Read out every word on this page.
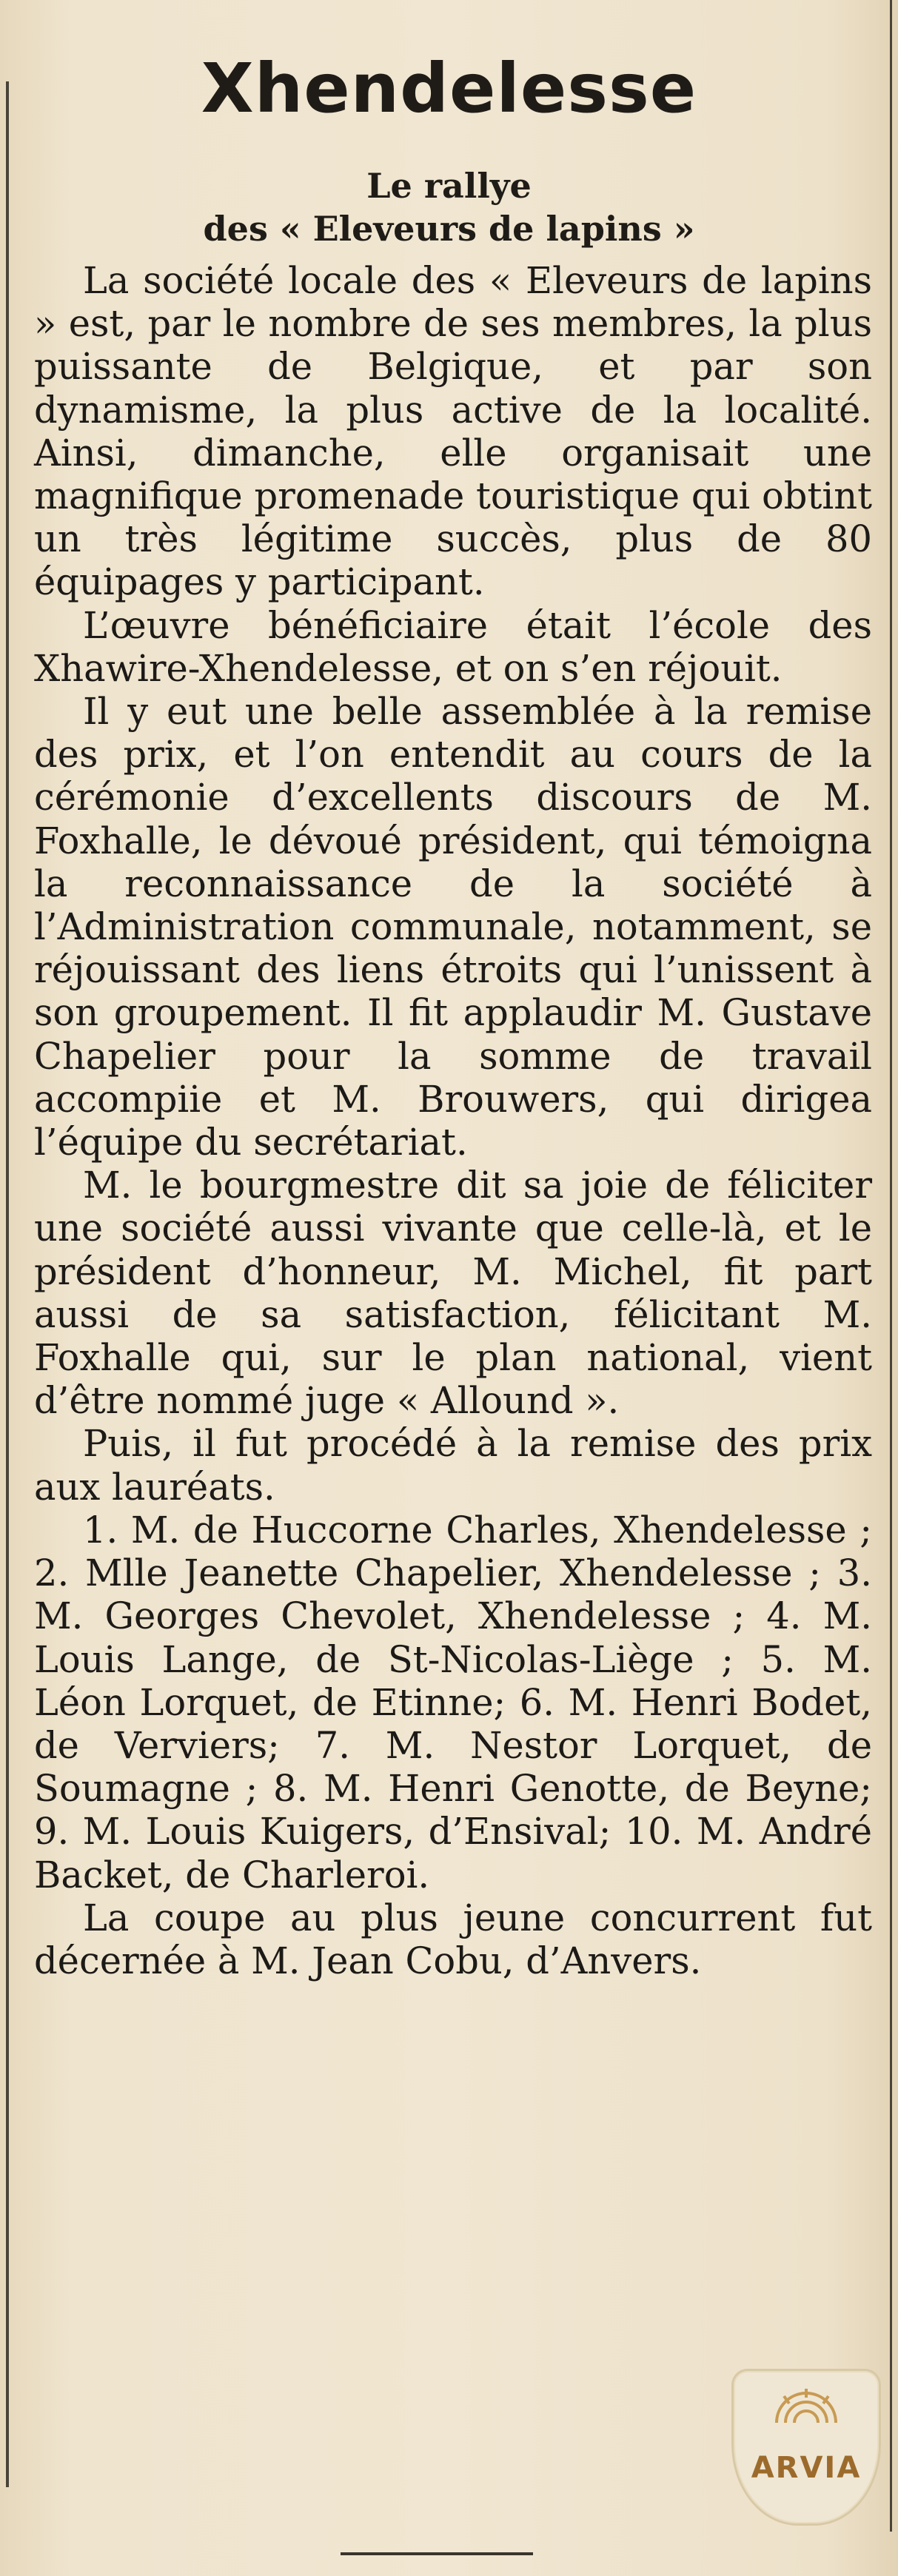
Xhendelesse
Le rallye
des « Eleveurs de lapins »

La société locale des « Eleveurs de lapins » est, par le nombre de ses membres, la plus puissante de Belgique, et par son dynamisme, la plus active de la localité. Ainsi, dimanche, elle organisait une magnifique promenade touristique qui obtint un très légitime succès, plus de 80 équipages y participant.

L’œuvre bénéficiaire était l’école des Xhawire-Xhendelesse, et on s’en réjouit.

Il y eut une belle assemblée à la remise des prix, et l’on entendit au cours de la cérémonie d’excellents discours de M. Foxhalle, le dévoué président, qui témoigna la reconnaissance de la société à l’Administration communale, notamment, se réjouissant des liens étroits qui l’unissent à son groupement. Il fit applaudir M. Gustave Chapelier pour la somme de travail accompiie et M. Brouwers, qui dirigea l’équipe du secrétariat.

M. le bourgmestre dit sa joie de féliciter une société aussi vivante que celle-là, et le président d’honneur, M. Michel, fit part aussi de sa satisfaction, félicitant M. Foxhalle qui, sur le plan national, vient d’être nommé juge « Allound ».

Puis, il fut procédé à la remise des prix aux lauréats.

1. M. de Huccorne Charles, Xhendelesse ; 2. Mlle Jeanette Chapelier, Xhendelesse ; 3. M. Georges Chevolet, Xhendelesse ; 4. M. Louis Lange, de St-Nicolas-Liège ; 5. M. Léon Lorquet, de Etinne; 6. M. Henri Bodet, de Verviers; 7. M. Nestor Lorquet, de Soumagne ; 8. M. Henri Genotte, de Beyne; 9. M. Louis Kuigers, d’Ensival; 10. M. André Backet, de Charleroi.

La coupe au plus jeune concurrent fut décernée à M. Jean Cobu, d’Anvers.

ARVIA
